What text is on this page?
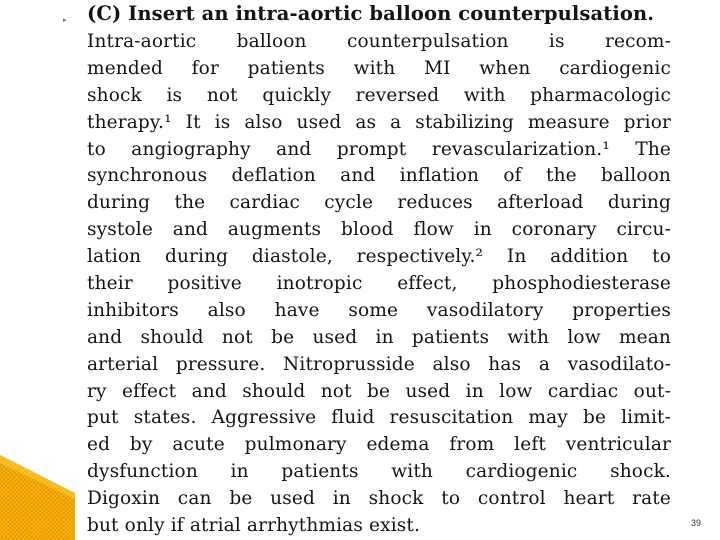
▸ (C) Insert an intra-aortic balloon counterpulsation.
Intra-aortic balloon counterpulsation is recom-
mended for patients with MI when cardiogenic
shock is not quickly reversed with pharmacologic
therapy.¹ It is also used as a stabilizing measure prior
to angiography and prompt revascularization.¹ The
synchronous deflation and inflation of the balloon
during the cardiac cycle reduces afterload during
systole and augments blood flow in coronary circu-
lation during diastole, respectively.² In addition to
their positive inotropic effect, phosphodiesterase
inhibitors also have some vasodilatory properties
and should not be used in patients with low mean
arterial pressure. Nitroprusside also has a vasodilato-
ry effect and should not be used in low cardiac out-
put states. Aggressive fluid resuscitation may be limit-
ed by acute pulmonary edema from left ventricular
dysfunction in patients with cardiogenic shock.
Digoxin can be used in shock to control heart rate
but only if atrial arrhythmias exist.	39
